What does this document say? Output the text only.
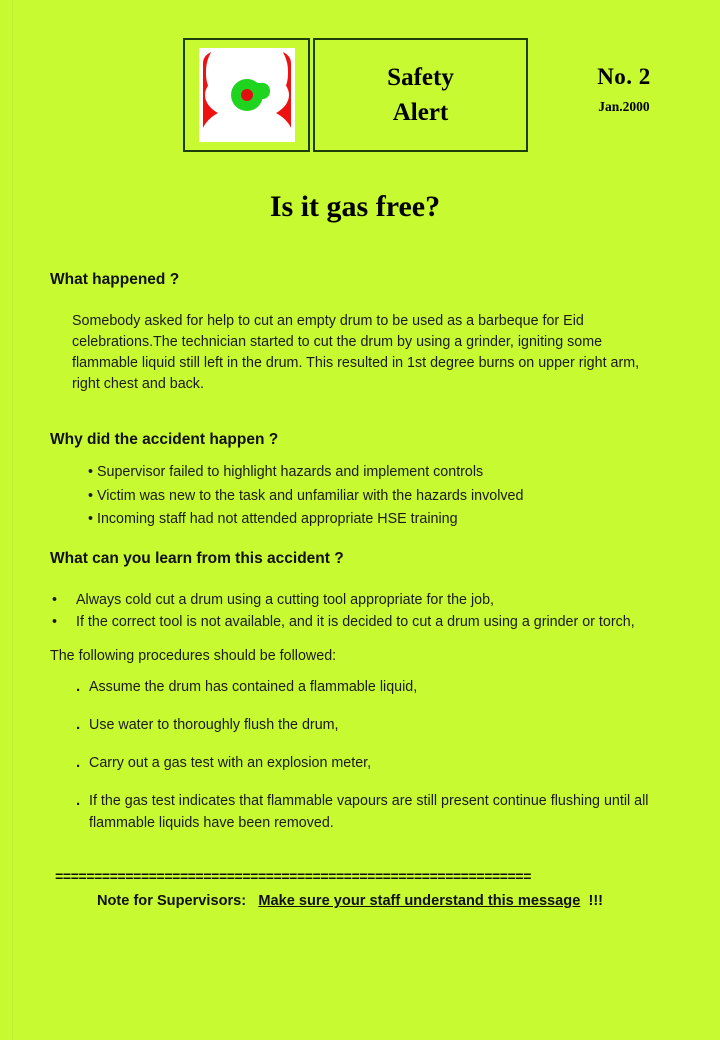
Safety
Alert
No. 2
Jan.2000
Is it gas free?
What happened ?
Somebody asked for help to cut an empty drum to be used as a barbeque for Eid celebrations.The technician started to cut the drum by using a grinder, igniting some flammable liquid still left in the drum. This resulted in 1st degree burns on upper right arm, right chest and back.
Why did the accident happen ?
• Supervisor failed to highlight hazards and implement controls
• Victim was new to the task and unfamiliar with the hazards involved
• Incoming staff had not attended appropriate HSE training
What can you learn from this accident ?
• Always cold cut a drum using a cutting tool appropriate for the job,
• If the correct tool is not available, and it is decided to cut a drum using a grinder or torch,
The following procedures should be followed:
. Assume the drum has contained a flammable liquid,
. Use water to thoroughly flush the drum,
. Carry out a gas test with an explosion meter,
. If the gas test indicates that flammable vapours are still present continue flushing until all flammable liquids have been removed.
=============================================================
Note for Supervisors: Make sure your staff understand this message !!!
